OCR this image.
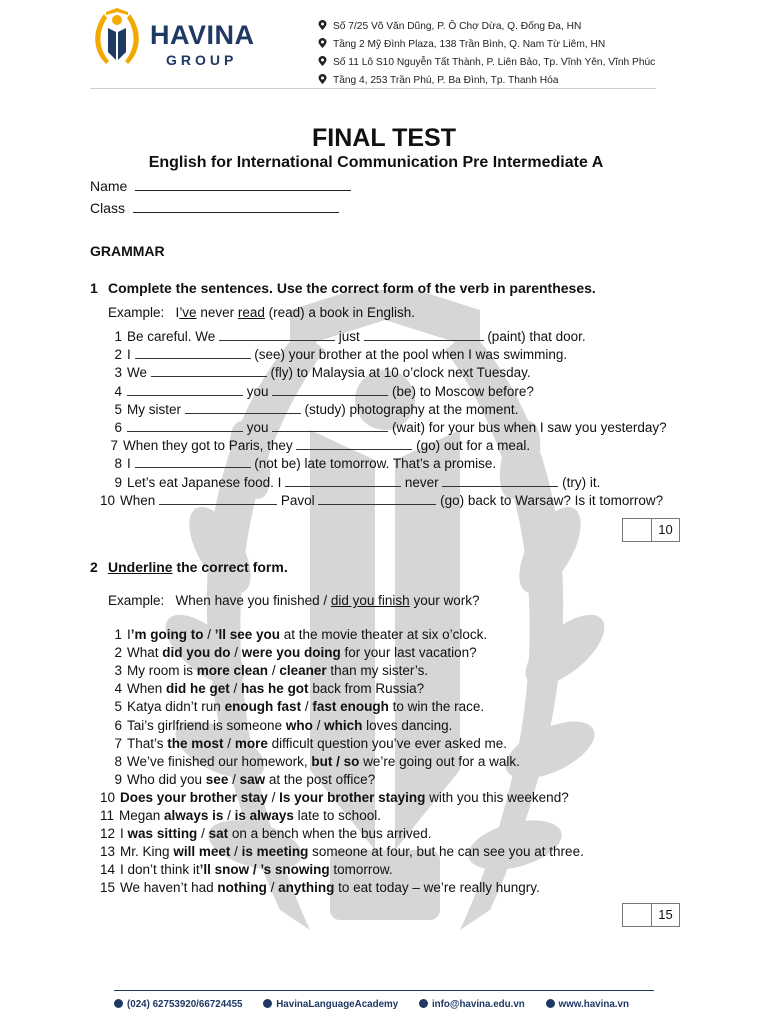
HAVINA
GROUP
Số 7/25 Võ Văn Dũng, P. Ô Chợ Dừa, Q. Đống Đa, HN
Tầng 2 Mỹ Đình Plaza, 138 Trần Bình, Q. Nam Từ Liêm, HN
Số 11 Lô S10 Nguyễn Tất Thành, P. Liên Bảo, Tp. Vĩnh Yên, Vĩnh Phúc
Tầng 4, 253 Trần Phú, P. Ba Đình, Tp. Thanh Hóa
FINAL TEST
English for International Communication Pre Intermediate A
Name
Class
GRAMMAR
1 Complete the sentences. Use the correct form of the verb in parentheses.
Example: I’ve never read (read) a book in English.
1 Be careful. We	just	(paint) that door.
2 I	(see) your brother at the pool when I was swimming.
3 We	(fly) to Malaysia at 10 o’clock next Tuesday.
4	you	(be) to Moscow before?
5 My sister	(study) photography at the moment.
6	you	(wait) for your bus when I saw you yesterday?
7 When they got to Paris, they	(go) out for a meal.
8 I	(not be) late tomorrow. That’s a promise.
9 Let’s eat Japanese food. I	never	(try) it.
10 When	Pavol	(go) back to Warsaw? Is it tomorrow?
10
2 Underline the correct form.
Example: When have you finished / did you finish your work?
1 I’m going to / ’ll see you at the movie theater at six o’clock.
2 What did you do / were you doing for your last vacation?
3 My room is more clean / cleaner than my sister’s.
4 When did he get / has he got back from Russia?
5 Katya didn’t run enough fast / fast enough to win the race.
6 Tai’s girlfriend is someone who / which loves dancing.
7 That’s the most / more difficult question you’ve ever asked me.
8 We’ve finished our homework, but / so we’re going out for a walk.
9 Who did you see / saw at the post office?
10 Does your brother stay / Is your brother staying with you this weekend?
11 Megan always is / is always late to school.
12 I was sitting / sat on a bench when the bus arrived.
13 Mr. King will meet / is meeting someone at four, but he can see you at three.
14 I don’t think it’ll snow / ’s snowing tomorrow.
15 We haven’t had nothing / anything to eat today – we’re really hungry.
15
(024) 62753920/66724455	HavinaLanguageAcademy	info@havina.edu.vn	www.havina.vn
